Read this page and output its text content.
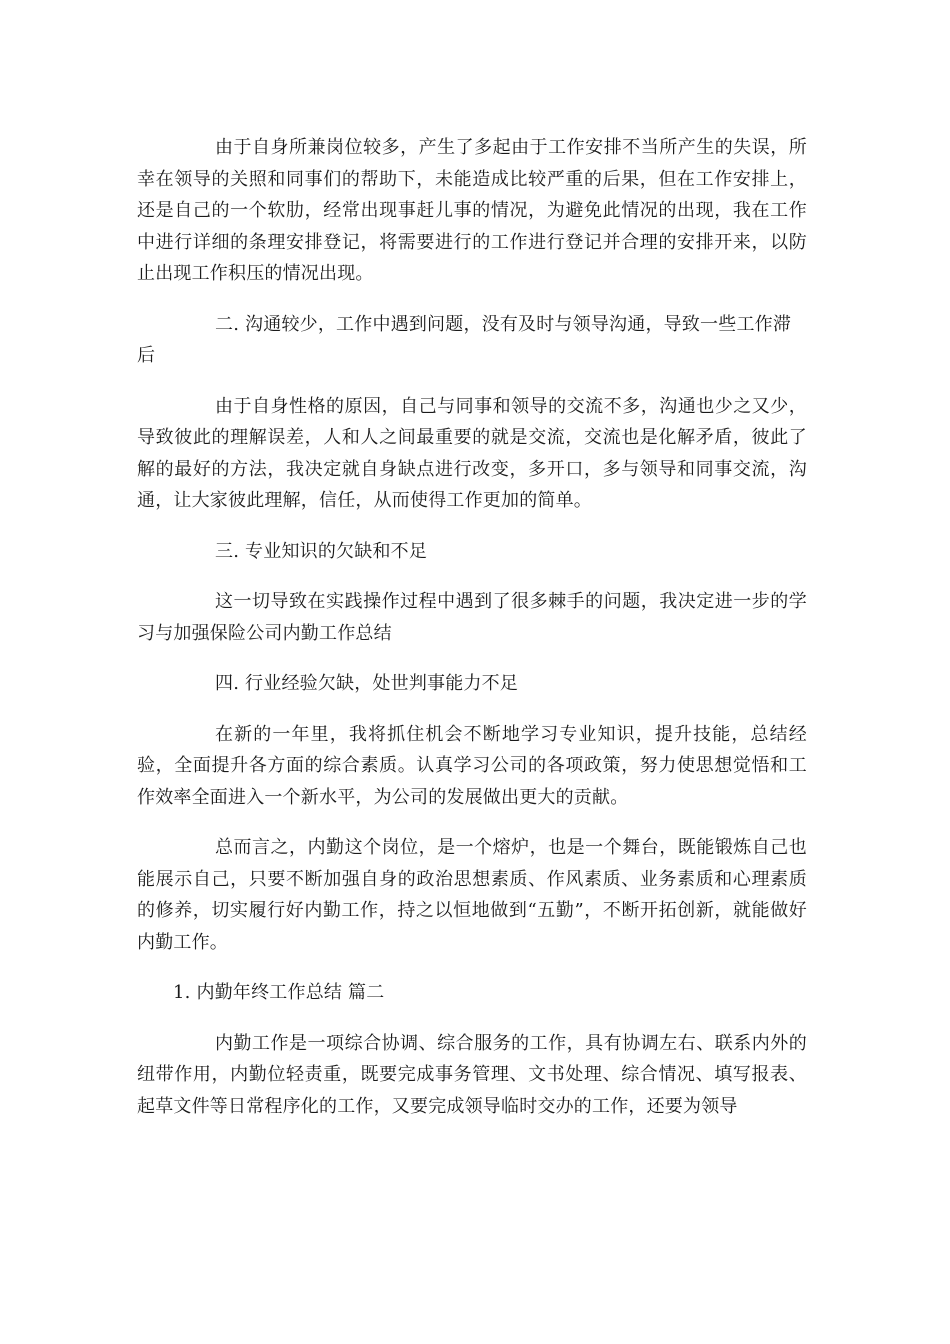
由于自身所兼岗位较多，产生了多起由于工作安排不当所产生的失误，所幸在领导的关照和同事们的帮助下，未能造成比较严重的后果，但在工作安排上，还是自己的一个软肋，经常出现事赶儿事的情况，为避免此情况的出现，我在工作中进行详细的条理安排登记，将需要进行的工作进行登记并合理的安排开来，以防止出现工作积压的情况出现。

二. 沟通较少，工作中遇到问题，没有及时与领导沟通，导致一些工作滞后

由于自身性格的原因，自己与同事和领导的交流不多，沟通也少之又少，导致彼此的理解误差，人和人之间最重要的就是交流，交流也是化解矛盾，彼此了解的最好的方法，我决定就自身缺点进行改变，多开口，多与领导和同事交流，沟通，让大家彼此理解，信任，从而使得工作更加的简单。

三. 专业知识的欠缺和不足

这一切导致在实践操作过程中遇到了很多棘手的问题，我决定进一步的学习与加强保险公司内勤工作总结

四. 行业经验欠缺，处世判事能力不足

在新的一年里，我将抓住机会不断地学习专业知识，提升技能，总结经验，全面提升各方面的综合素质。认真学习公司的各项政策，努力使思想觉悟和工作效率全面进入一个新水平，为公司的发展做出更大的贡献。

总而言之，内勤这个岗位，是一个熔炉，也是一个舞台，既能锻炼自己也能展示自己，只要不断加强自身的政治思想素质、作风素质、业务素质和心理素质的修养，切实履行好内勤工作，持之以恒地做到“五勤”，不断开拓创新，就能做好内勤工作。

1. 内勤年终工作总结 篇二

内勤工作是一项综合协调、综合服务的工作，具有协调左右、联系内外的纽带作用，内勤位轻责重，既要完成事务管理、文书处理、综合情况、填写报表、起草文件等日常程序化的工作，又要完成领导临时交办的工作，还要为领导
